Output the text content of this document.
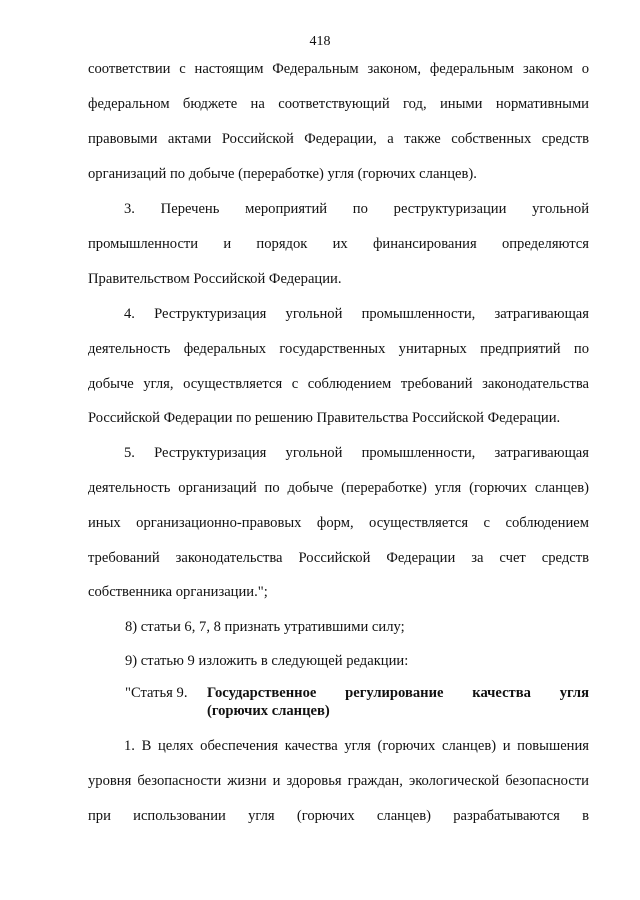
418
соответствии с настоящим Федеральным законом, федеральным законом о
федеральном бюджете на соответствующий год, иными нормативными
правовыми актами Российской Федерации, а также собственных средств
организаций по добыче (переработке) угля (горючих сланцев).
3. Перечень мероприятий по реструктуризации угольной
промышленности и порядок их финансирования определяются
Правительством Российской Федерации.
4. Реструктуризация угольной промышленности, затрагивающая
деятельность федеральных государственных унитарных предприятий по
добыче угля, осуществляется с соблюдением требований законодательства
Российской Федерации по решению Правительства Российской Федерации.
5. Реструктуризация угольной промышленности, затрагивающая
деятельность организаций по добыче (переработке) угля (горючих сланцев)
иных организационно-правовых форм, осуществляется с соблюдением
требований законодательства Российской Федерации за счет средств
собственника организации.";
8) статьи 6, 7, 8 признать утратившими силу;
9) статью 9 изложить в следующей редакции:
"Статья 9. Государственное регулирование качества угля
(горючих сланцев)
1. В целях обеспечения качества угля (горючих сланцев) и повышения
уровня безопасности жизни и здоровья граждан, экологической безопасности
при использовании угля (горючих сланцев) разрабатываются в
